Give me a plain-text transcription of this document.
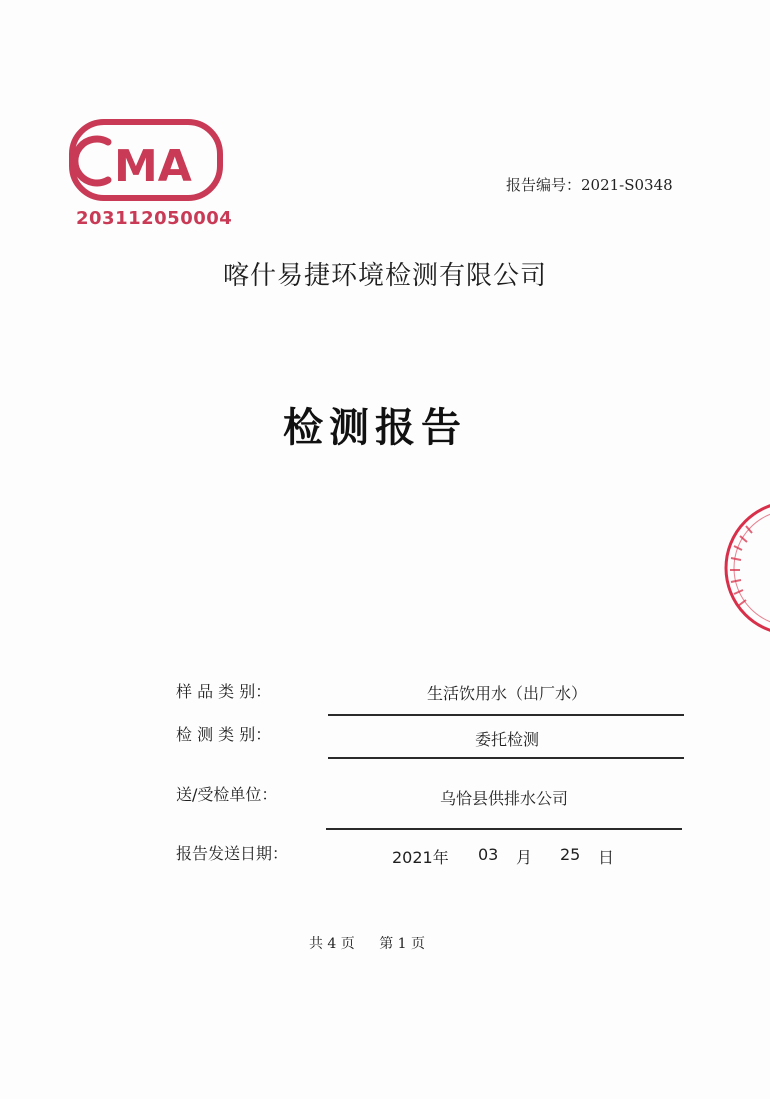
MA
203112050004
报告编号：2021-S0348
喀什易捷环境检测有限公司
检测报告
样 品 类 别：	生活饮用水（出厂水）
检 测 类 别：	委托检测
送/受检单位：	乌恰县供排水公司
报告发送日期：	2021年 03 月 25 日
共 4 页 第 1 页
